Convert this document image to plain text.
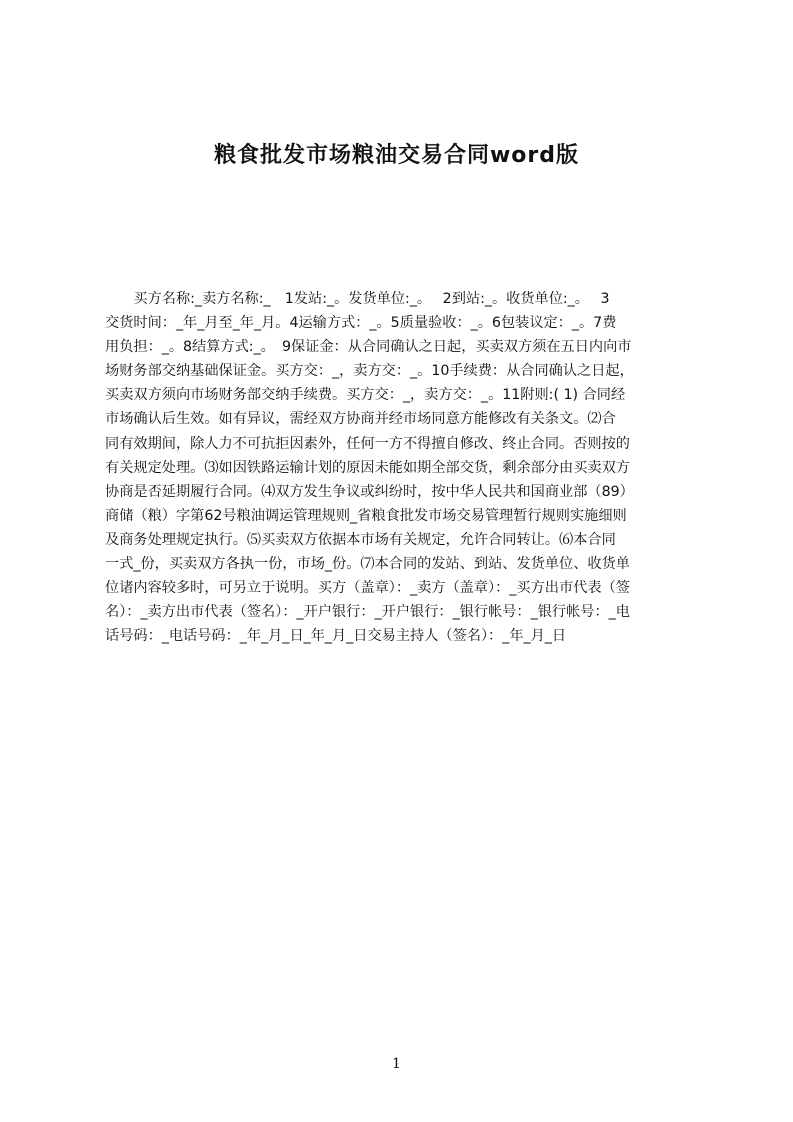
粮食批发市场粮油交易合同word版
　　买方名称:_卖方名称:_　1发站:_。发货单位:_。　 2到站:_。收货单位:_。　 3
交货时间：_年_月至_年_月。4运输方式：_。5质量验收：_。6包装议定：_。7费
用负担：_。8结算方式:_。　9保证金：从合同确认之日起，买卖双方须在五日内向市
场财务部交纳基础保证金。买方交：_，卖方交：_。10手续费：从合同确认之日起，
买卖双方须向市场财务部交纳手续费。买方交：_，卖方交：_。11附则:( 1) 合同经
市场确认后生效。如有异议，需经双方协商并经市场同意方能修改有关条文。⑵合
同有效期间，除人力不可抗拒因素外，任何一方不得擅自修改、终止合同。否则按的
有关规定处理。⑶如因铁路运输计划的原因未能如期全部交货，剩余部分由买卖双方
协商是否延期履行合同。⑷双方发生争议或纠纷时，按中华人民共和国商业部（89）
商储（粮）字第62号粮油调运管理规则_省粮食批发市场交易管理暂行规则实施细则
及商务处理规定执行。⑸买卖双方依据本市场有关规定，允许合同转让。⑹本合同
一式_份，买卖双方各执一份，市场_份。⑺本合同的发站、到站、发货单位、收货单
位诸内容较多时，可另立于说明。买方（盖章）：_卖方（盖章）：_买方出市代表（签
名）：_卖方出市代表（签名）：_开户银行：_开户银行：_银行帐号：_银行帐号：_电
话号码：_电话号码：_年_月_日_年_月_日交易主持人（签名）：_年_月_日
1
